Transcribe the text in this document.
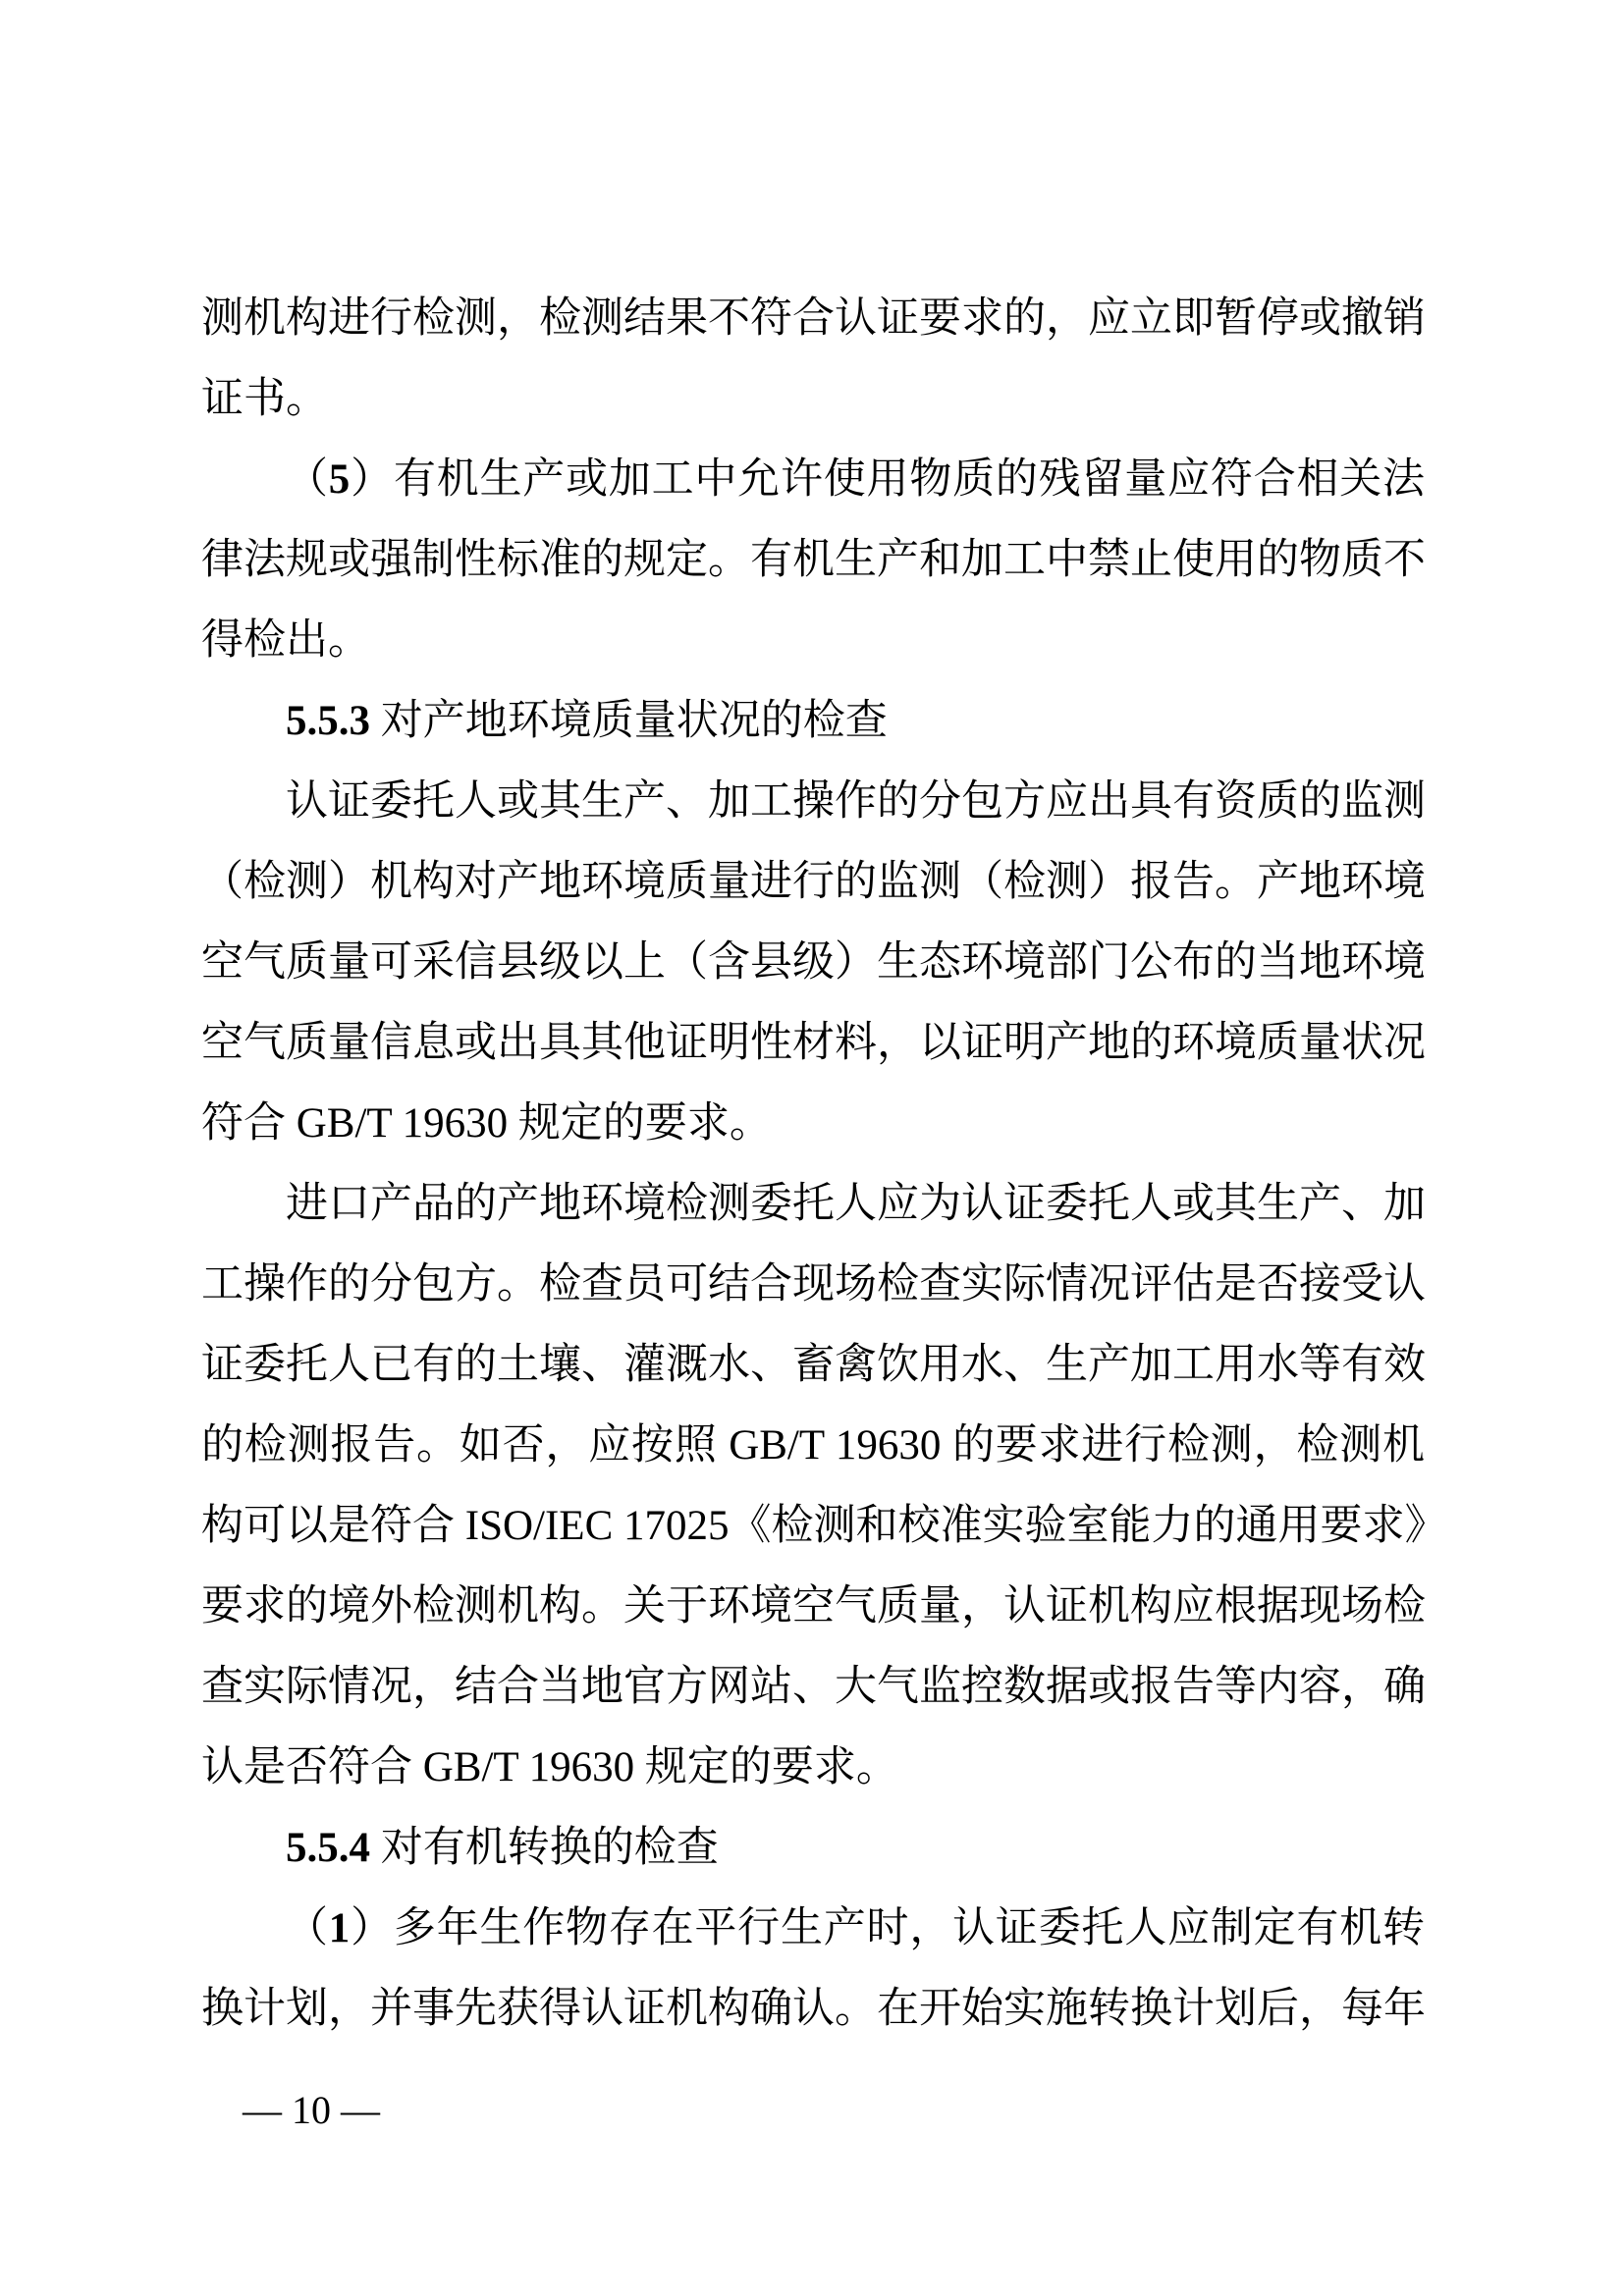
测机构进行检测，检测结果不符合认证要求的，应立即暂停或撤销
证书。
（5）有机生产或加工中允许使用物质的残留量应符合相关法
律法规或强制性标准的规定。有机生产和加工中禁止使用的物质不
得检出。
5.5.3 对产地环境质量状况的检查
认证委托人或其生产、加工操作的分包方应出具有资质的监测
（检测）机构对产地环境质量进行的监测（检测）报告。产地环境
空气质量可采信县级以上（含县级）生态环境部门公布的当地环境
空气质量信息或出具其他证明性材料，以证明产地的环境质量状况
符合 GB/T 19630 规定的要求。
进口产品的产地环境检测委托人应为认证委托人或其生产、加
工操作的分包方。检查员可结合现场检查实际情况评估是否接受认
证委托人已有的土壤、灌溉水、畜禽饮用水、生产加工用水等有效
的检测报告。如否，应按照 GB/T 19630 的要求进行检测，检测机
构可以是符合 ISO/IEC 17025《检测和校准实验室能力的通用要求》
要求的境外检测机构。关于环境空气质量，认证机构应根据现场检
查实际情况，结合当地官方网站、大气监控数据或报告等内容，确
认是否符合 GB/T 19630 规定的要求。
5.5.4 对有机转换的检查
（1）多年生作物存在平行生产时，认证委托人应制定有机转
换计划，并事先获得认证机构确认。在开始实施转换计划后，每年
— 10 —
